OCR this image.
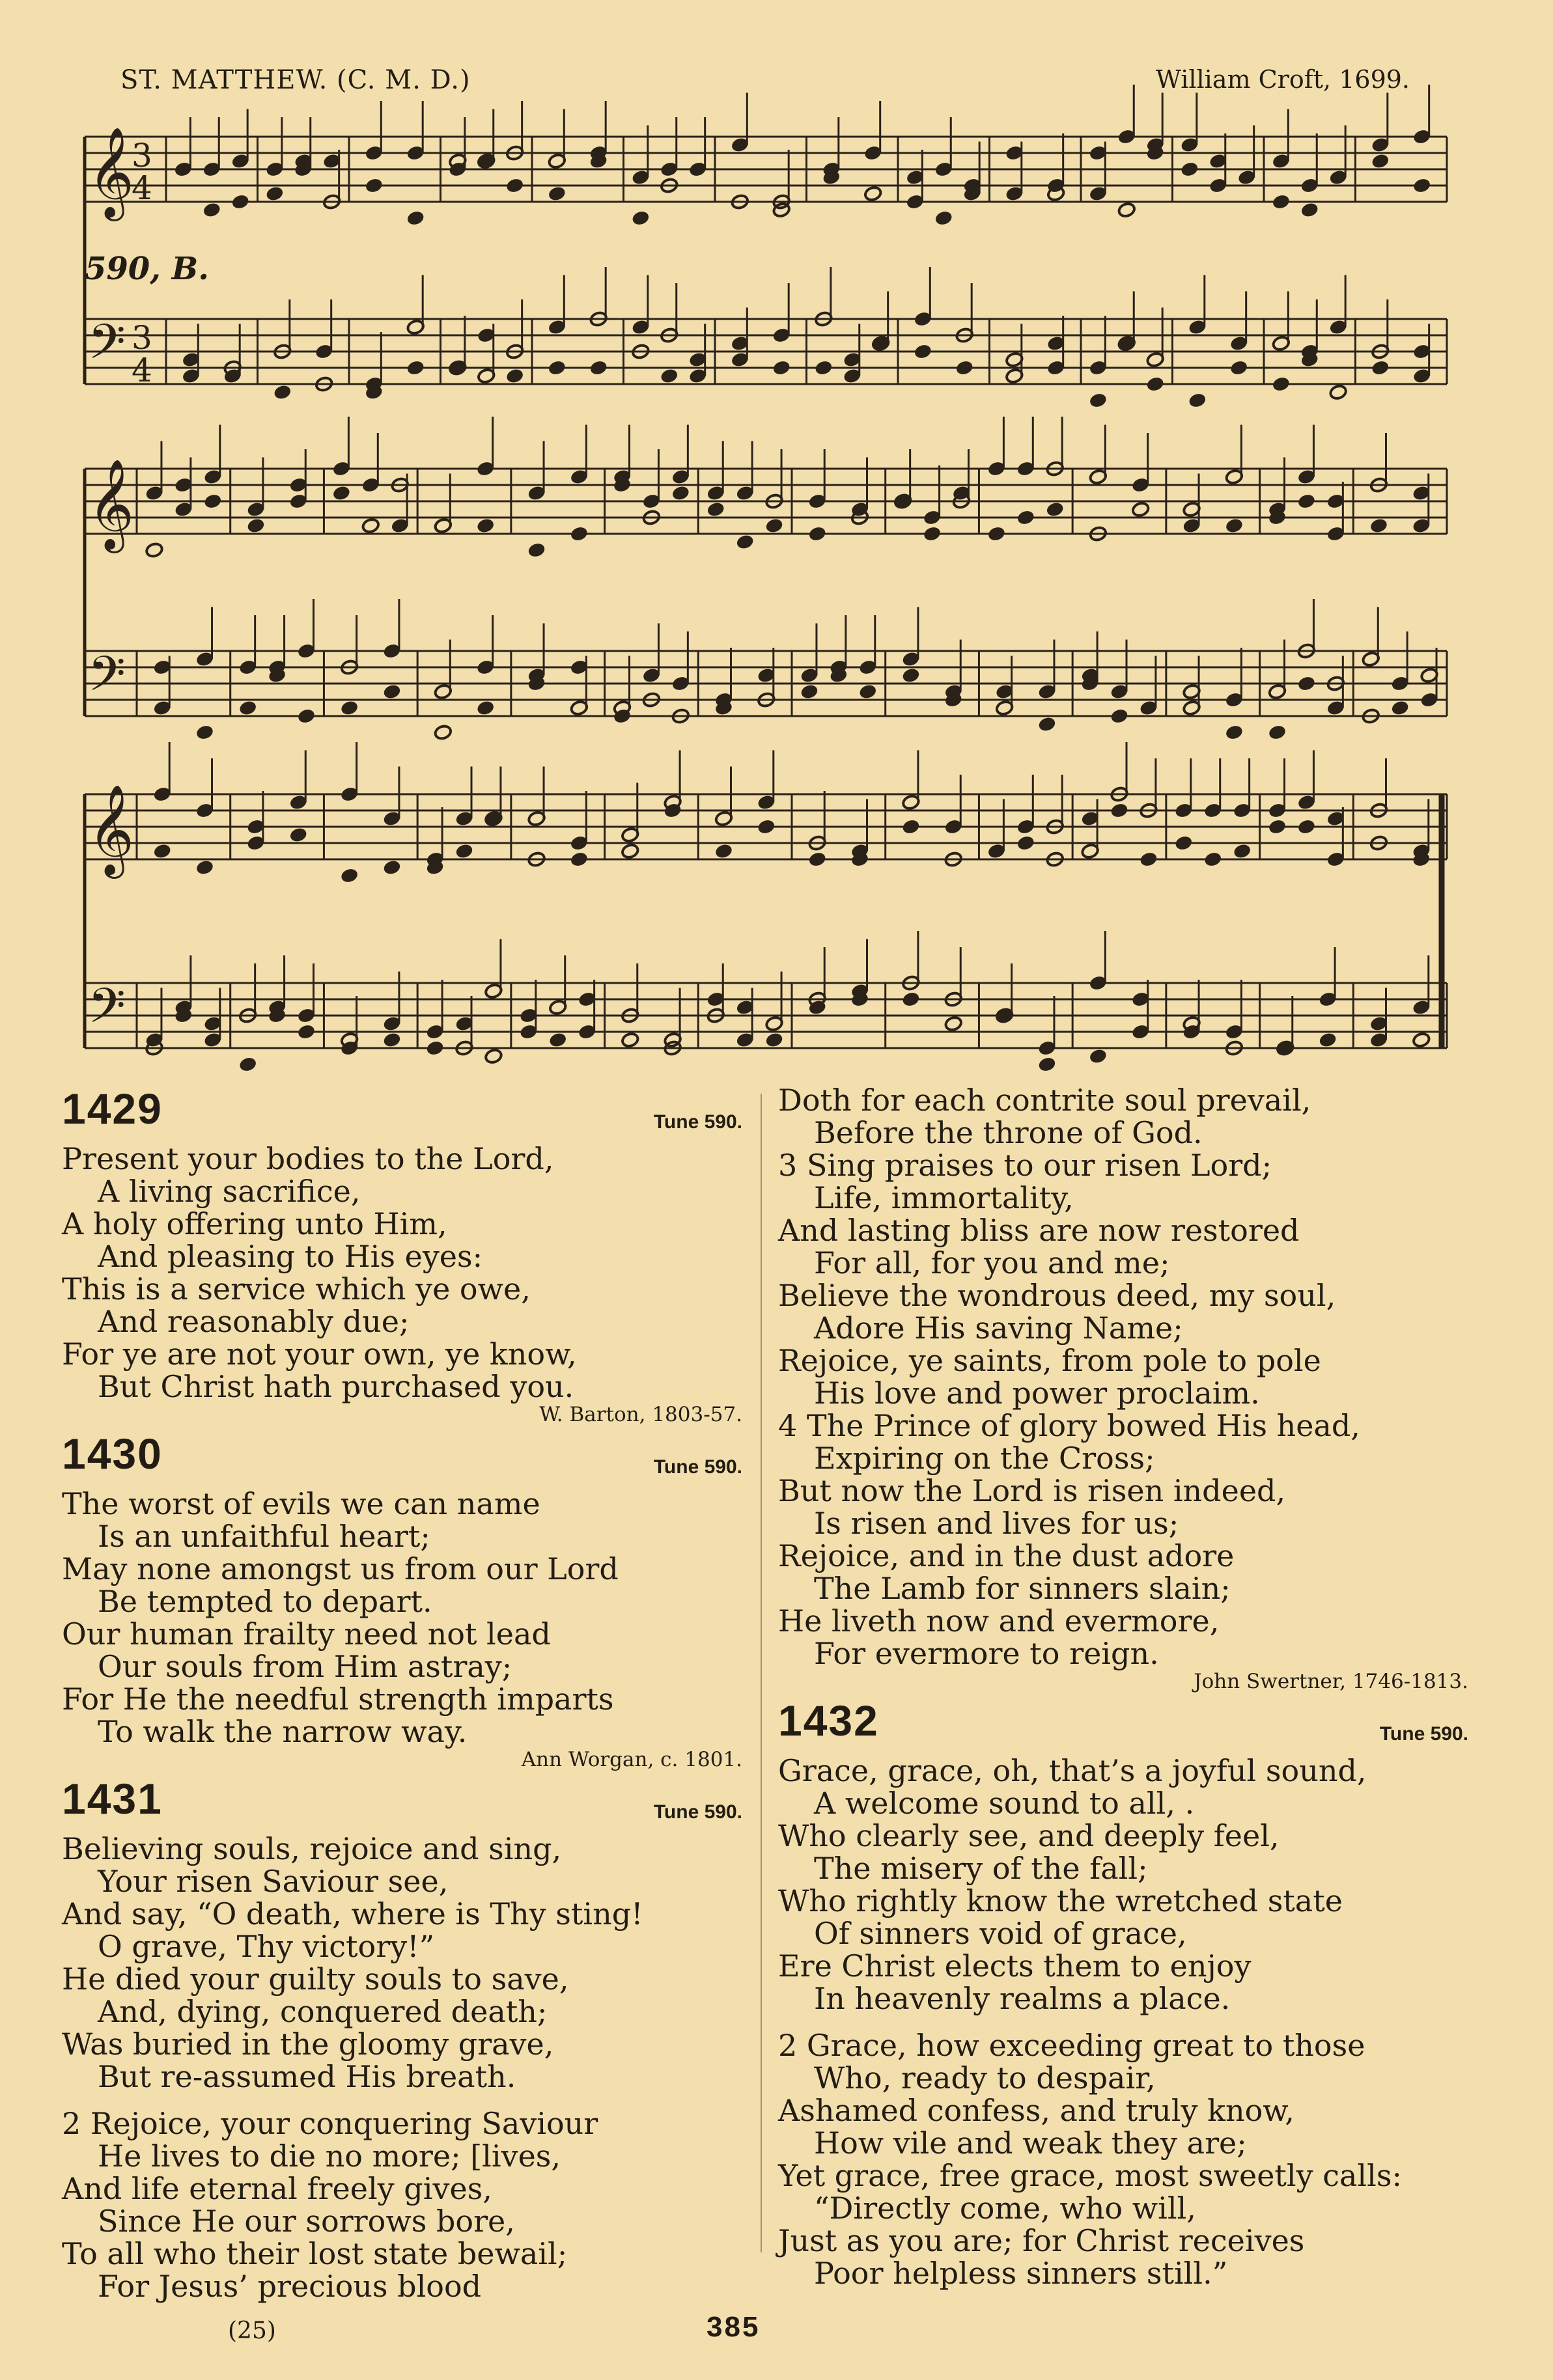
ST. MATTHEW. (C. M. D.)	William Croft, 1699.
590, B.
𝄞
3
4
𝄢 3
4
𝄞
𝄢
𝄞
𝄢
1429	Tune 590.
Present your bodies to the Lord,
A living sacrifice,
A holy offering unto Him,
And pleasing to His eyes:
This is a service which ye owe,
And reasonably due;
For ye are not your own, ye know,
But Christ hath purchased you.
W. Barton, 1803-57.
1430	Tune 590.
The worst of evils we can name
Is an unfaithful heart;
May none amongst us from our Lord
Be tempted to depart.
Our human frailty need not lead
Our souls from Him astray;
For He the needful strength imparts
To walk the narrow way.
Ann Worgan, c. 1801.
1431	Tune 590.
Believing souls, rejoice and sing,
Your risen Saviour see,
And say, “O death, where is Thy sting!
O grave, Thy victory!”
He died your guilty souls to save,
And, dying, conquered death;
Was buried in the gloomy grave,
But re-assumed His breath.
2 Rejoice, your conquering Saviour
He lives to die no more; [lives,
And life eternal freely gives,
Since He our sorrows bore,
To all who their lost state bewail;
For Jesus’ precious blood
Doth for each contrite soul prevail,
Before the throne of God.
3 Sing praises to our risen Lord;
Life, immortality,
And lasting bliss are now restored
For all, for you and me;
Believe the wondrous deed, my soul,
Adore His saving Name;
Rejoice, ye saints, from pole to pole
His love and power proclaim.
4 The Prince of glory bowed His head,
Expiring on the Cross;
But now the Lord is risen indeed,
Is risen and lives for us;
Rejoice, and in the dust adore
The Lamb for sinners slain;
He liveth now and evermore,
For evermore to reign.
John Swertner, 1746-1813.
1432	Tune 590.
Grace, grace, oh, that’s a joyful sound,
A welcome sound to all, .
Who clearly see, and deeply feel,
The misery of the fall;
Who rightly know the wretched state
Of sinners void of grace,
Ere Christ elects them to enjoy
In heavenly realms a place.
2 Grace, how exceeding great to those
Who, ready to despair,
Ashamed confess, and truly know,
How vile and weak they are;
Yet grace, free grace, most sweetly calls:
“Directly come, who will,
Just as you are; for Christ receives
Poor helpless sinners still.”
(25)	385
